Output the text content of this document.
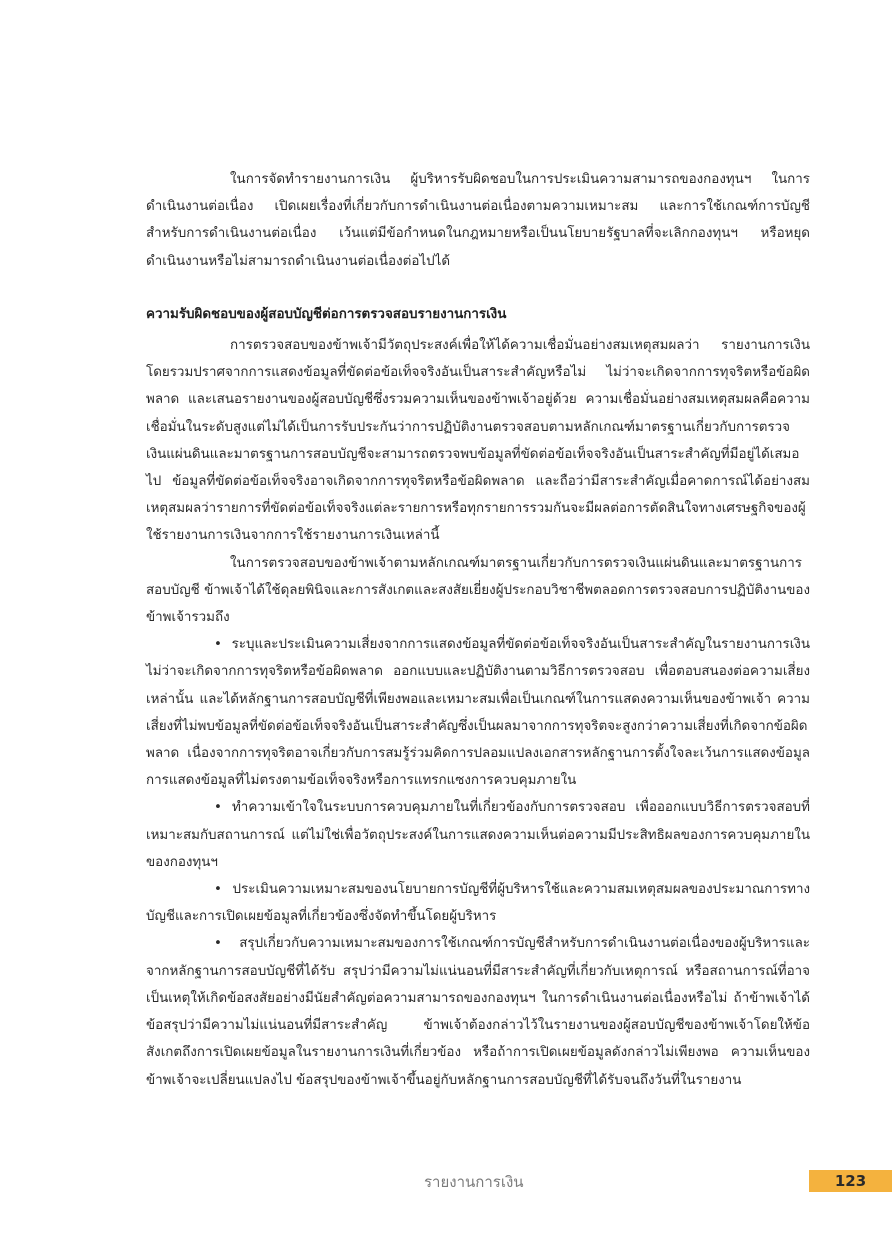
ในการจัดทำรายงานการเงิน ผู้บริหารรับผิดชอบในการประเมินความสามารถของกองทุนฯ ในการดำเนินงานต่อเนื่อง เปิดเผยเรื่องที่เกี่ยวกับการดำเนินงานต่อเนื่องตามความเหมาะสม และการใช้เกณฑ์การบัญชีสำหรับการดำเนินงานต่อเนื่อง เว้นแต่มีข้อกำหนดในกฎหมายหรือเป็นนโยบายรัฐบาลที่จะเลิกกองทุนฯ หรือหยุดดำเนินงานหรือไม่สามารถดำเนินงานต่อเนื่องต่อไปได้

ความรับผิดชอบของผู้สอบบัญชีต่อการตรวจสอบรายงานการเงิน

การตรวจสอบของข้าพเจ้ามีวัตถุประสงค์เพื่อให้ได้ความเชื่อมั่นอย่างสมเหตุสมผลว่า รายงานการเงินโดยรวมปราศจากการแสดงข้อมูลที่ขัดต่อข้อเท็จจริงอันเป็นสาระสำคัญหรือไม่ ไม่ว่าจะเกิดจากการทุจริตหรือข้อผิดพลาด และเสนอรายงานของผู้สอบบัญชีซึ่งรวมความเห็นของข้าพเจ้าอยู่ด้วย ความเชื่อมั่นอย่างสมเหตุสมผลคือความเชื่อมั่นในระดับสูงแต่ไม่ได้เป็นการรับประกันว่าการปฏิบัติงานตรวจสอบตามหลักเกณฑ์มาตรฐานเกี่ยวกับการตรวจเงินแผ่นดินและมาตรฐานการสอบบัญชีจะสามารถตรวจพบข้อมูลที่ขัดต่อข้อเท็จจริงอันเป็นสาระสำคัญที่มีอยู่ได้เสมอไป ข้อมูลที่ขัดต่อข้อเท็จจริงอาจเกิดจากการทุจริตหรือข้อผิดพลาด และถือว่ามีสาระสำคัญเมื่อคาดการณ์ได้อย่างสมเหตุสมผลว่ารายการที่ขัดต่อข้อเท็จจริงแต่ละรายการหรือทุกรายการรวมกันจะมีผลต่อการตัดสินใจทางเศรษฐกิจของผู้ใช้รายงานการเงินจากการใช้รายงานการเงินเหล่านี้

ในการตรวจสอบของข้าพเจ้าตามหลักเกณฑ์มาตรฐานเกี่ยวกับการตรวจเงินแผ่นดินและมาตรฐานการสอบบัญชี ข้าพเจ้าได้ใช้ดุลยพินิจและการสังเกตและสงสัยเยี่ยงผู้ประกอบวิชาชีพตลอดการตรวจสอบการปฏิบัติงานของข้าพเจ้ารวมถึง

• ระบุและประเมินความเสี่ยงจากการแสดงข้อมูลที่ขัดต่อข้อเท็จจริงอันเป็นสาระสำคัญในรายงานการเงินไม่ว่าจะเกิดจากการทุจริตหรือข้อผิดพลาด ออกแบบและปฏิบัติงานตามวิธีการตรวจสอบ เพื่อตอบสนองต่อความเสี่ยงเหล่านั้น และได้หลักฐานการสอบบัญชีที่เพียงพอและเหมาะสมเพื่อเป็นเกณฑ์ในการแสดงความเห็นของข้าพเจ้า ความเสี่ยงที่ไม่พบข้อมูลที่ขัดต่อข้อเท็จจริงอันเป็นสาระสำคัญซึ่งเป็นผลมาจากการทุจริตจะสูงกว่าความเสี่ยงที่เกิดจากข้อผิดพลาด เนื่องจากการทุจริตอาจเกี่ยวกับการสมรู้ร่วมคิดการปลอมแปลงเอกสารหลักฐานการตั้งใจละเว้นการแสดงข้อมูล การแสดงข้อมูลที่ไม่ตรงตามข้อเท็จจริงหรือการแทรกแซงการควบคุมภายใน

• ทำความเข้าใจในระบบการควบคุมภายในที่เกี่ยวข้องกับการตรวจสอบ เพื่อออกแบบวิธีการตรวจสอบที่เหมาะสมกับสถานการณ์ แต่ไม่ใช่เพื่อวัตถุประสงค์ในการแสดงความเห็นต่อความมีประสิทธิผลของการควบคุมภายในของกองทุนฯ

• ประเมินความเหมาะสมของนโยบายการบัญชีที่ผู้บริหารใช้และความสมเหตุสมผลของประมาณการทางบัญชีและการเปิดเผยข้อมูลที่เกี่ยวข้องซึ่งจัดทำขึ้นโดยผู้บริหาร

• สรุปเกี่ยวกับความเหมาะสมของการใช้เกณฑ์การบัญชีสำหรับการดำเนินงานต่อเนื่องของผู้บริหารและจากหลักฐานการสอบบัญชีที่ได้รับ สรุปว่ามีความไม่แน่นอนที่มีสาระสำคัญที่เกี่ยวกับเหตุการณ์ หรือสถานการณ์ที่อาจเป็นเหตุให้เกิดข้อสงสัยอย่างมีนัยสำคัญต่อความสามารถของกองทุนฯ ในการดำเนินงานต่อเนื่องหรือไม่ ถ้าข้าพเจ้าได้ข้อสรุปว่ามีความไม่แน่นอนที่มีสาระสำคัญ ข้าพเจ้าต้องกล่าวไว้ในรายงานของผู้สอบบัญชีของข้าพเจ้าโดยให้ข้อสังเกตถึงการเปิดเผยข้อมูลในรายงานการเงินที่เกี่ยวข้อง หรือถ้าการเปิดเผยข้อมูลดังกล่าวไม่เพียงพอ ความเห็นของข้าพเจ้าจะเปลี่ยนแปลงไป ข้อสรุปของข้าพเจ้าขึ้นอยู่กับหลักฐานการสอบบัญชีที่ได้รับจนถึงวันที่ในรายงาน

รายงานการเงิน	123
